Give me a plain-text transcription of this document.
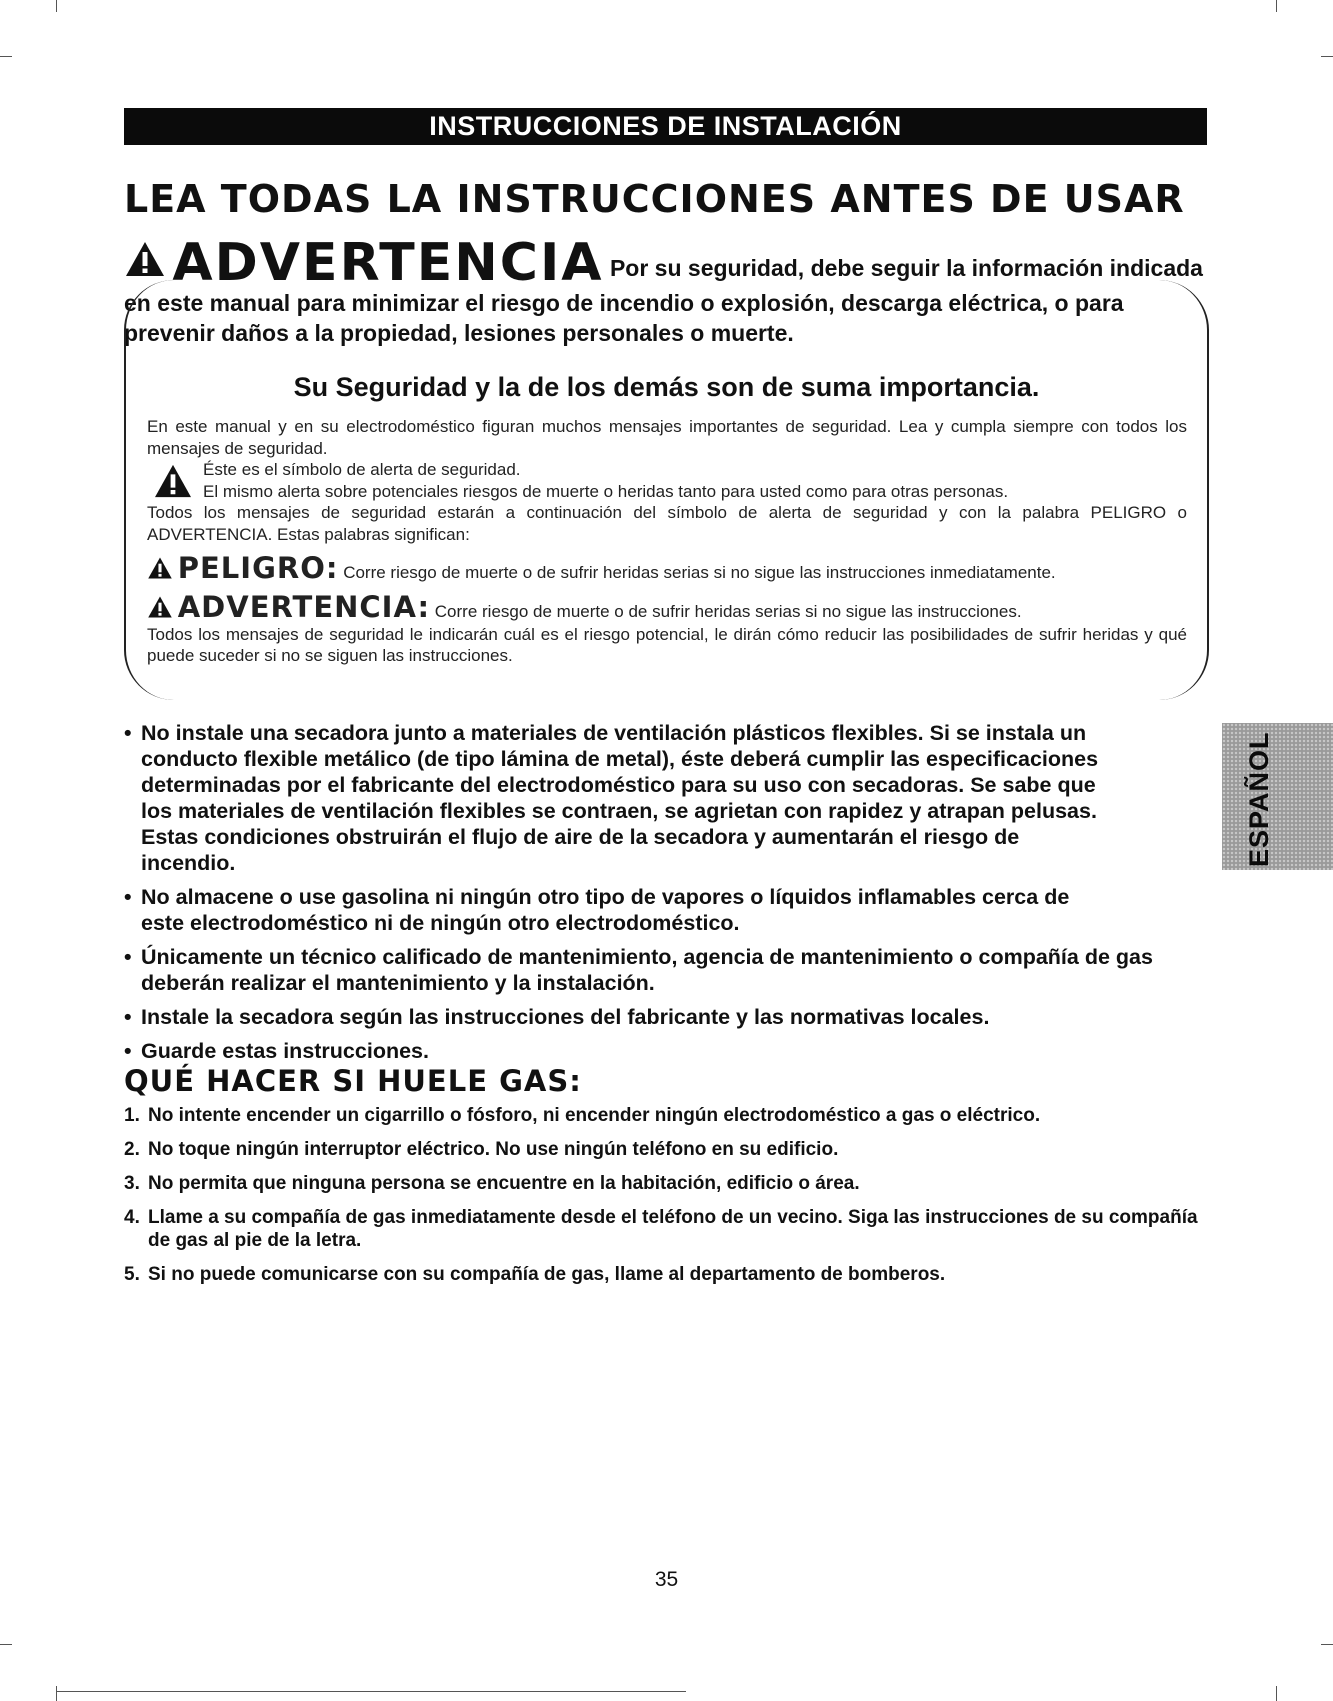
INSTRUCCIONES DE INSTALACIÓN
LEA TODAS LA INSTRUCCIONES ANTES DE USAR
ADVERTENCIA Por su seguridad, debe seguir la información indicada en este manual para minimizar el riesgo de incendio o explosión, descarga eléctrica, o para prevenir daños a la propiedad, lesiones personales o muerte.
Su Seguridad y la de los demás son de suma importancia.

En este manual y en su electrodoméstico figuran muchos mensajes importantes de seguridad. Lea y cumpla siempre con todos los mensajes de seguridad.

Éste es el símbolo de alerta de seguridad.

El mismo alerta sobre potenciales riesgos de muerte o heridas tanto para usted como para otras personas.

Todos los mensajes de seguridad estarán a continuación del símbolo de alerta de seguridad y con la palabra PELIGRO o ADVERTENCIA. Estas palabras significan:

PELIGRO: Corre riesgo de muerte o de sufrir heridas serias si no sigue las instrucciones inmediatamente.
ADVERTENCIA: Corre riesgo de muerte o de sufrir heridas serias si no sigue las instrucciones.

Todos los mensajes de seguridad le indicarán cuál es el riesgo potencial, le dirán cómo reducir las posibilidades de sufrir heridas y qué puede suceder si no se siguen las instrucciones.

• No instale una secadora junto a materiales de ventilación plásticos flexibles. Si se instala un conducto flexible metálico (de tipo lámina de metal), éste deberá cumplir las especificaciones determinadas por el fabricante del electrodoméstico para su uso con secadoras. Se sabe que los materiales de ventilación flexibles se contraen, se agrietan con rapidez y atrapan pelusas. Estas condiciones obstruirán el flujo de aire de la secadora y aumentarán el riesgo de incendio.
• No almacene o use gasolina ni ningún otro tipo de vapores o líquidos inflamables cerca de este electrodoméstico ni de ningún otro electrodoméstico.
• Únicamente un técnico calificado de mantenimiento, agencia de mantenimiento o compañía de gas deberán realizar el mantenimiento y la instalación.
• Instale la secadora según las instrucciones del fabricante y las normativas locales.
• Guarde estas instrucciones.
ESPAÑOL
QUÉ HACER SI HUELE GAS:
1. No intente encender un cigarrillo o fósforo, ni encender ningún electrodoméstico a gas o eléctrico.
2. No toque ningún interruptor eléctrico. No use ningún teléfono en su edificio.
3. No permita que ninguna persona se encuentre en la habitación, edificio o área.
4. Llame a su compañía de gas inmediatamente desde el teléfono de un vecino. Siga las instrucciones de su compañía de gas al pie de la letra.
5. Si no puede comunicarse con su compañía de gas, llame al departamento de bomberos.
35
